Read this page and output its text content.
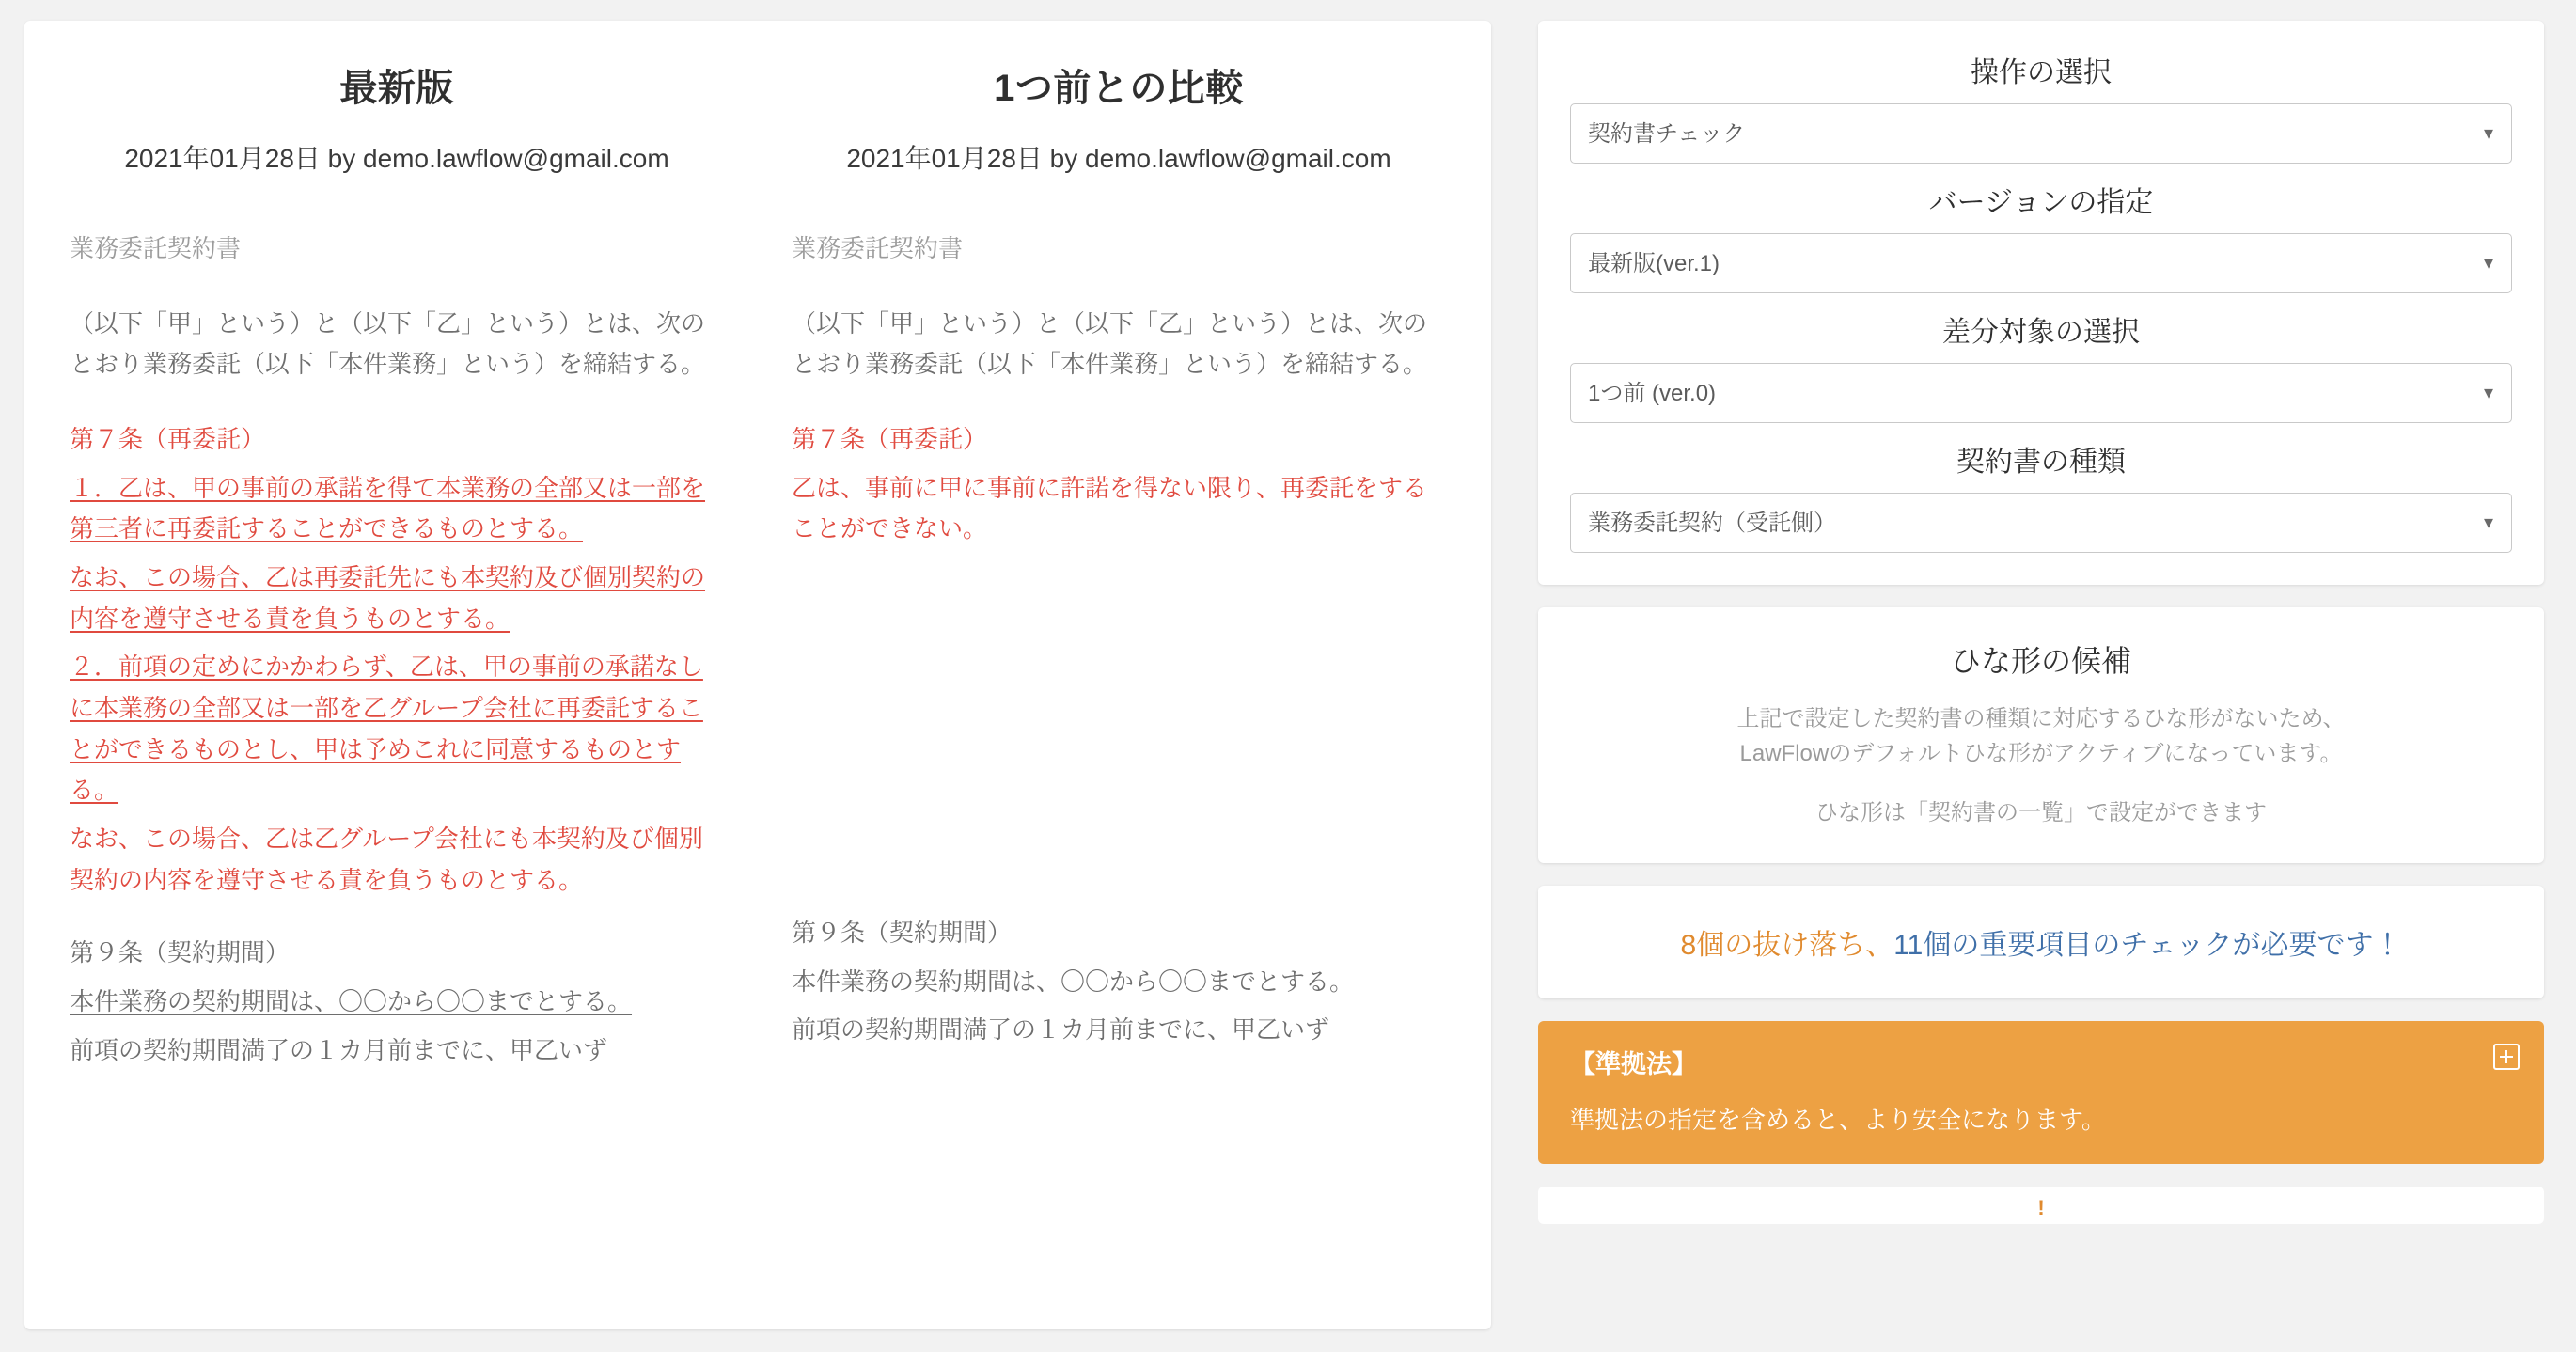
最新版
2021年01月28日 by demo.lawflow@gmail.com
業務委託契約書
（以下「甲」という）と（以下「乙」という）とは、次のとおり業務委託（以下「本件業務」という）を締結する。
第７条（再委託）
１．乙は、甲の事前の承諾を得て本業務の全部又は一部を第三者に再委託することができるものとする。
なお、この場合、乙は再委託先にも本契約及び個別契約の内容を遵守させる責を負うものとする。
２．前項の定めにかかわらず、乙は、甲の事前の承諾なしに本業務の全部又は一部を乙グループ会社に再委託することができるものとし、甲は予めこれに同意するものとする。
なお、この場合、乙は乙グループ会社にも本契約及び個別契約の内容を遵守させる責を負うものとする。
第９条（契約期間）
本件業務の契約期間は、〇〇から〇〇までとする。
前項の契約期間満了の１カ月前までに、甲乙いず
1つ前との比較
2021年01月28日 by demo.lawflow@gmail.com
業務委託契約書
（以下「甲」という）と（以下「乙」という）とは、次のとおり業務委託（以下「本件業務」という）を締結する。
第７条（再委託）
乙は、事前に甲に事前に許諾を得ない限り、再委託をすることができない。
第９条（契約期間）
本件業務の契約期間は、〇〇から〇〇までとする。
前項の契約期間満了の１カ月前までに、甲乙いず
操作の選択
契約書チェック
▾
バージョンの指定
最新版(ver.1)
▾
差分対象の選択
1つ前 (ver.0)
▾
契約書の種類
業務委託契約（受託側）
▾
ひな形の候補
上記で設定した契約書の種類に対応するひな形がないため、
LawFlowのデフォルトひな形がアクティブになっています。
ひな形は「契約書の一覧」で設定ができます
8個の抜け落ち、11個の重要項目のチェックが必要です！
【準拠法】
準拠法の指定を含めると、より安全になります。
!
